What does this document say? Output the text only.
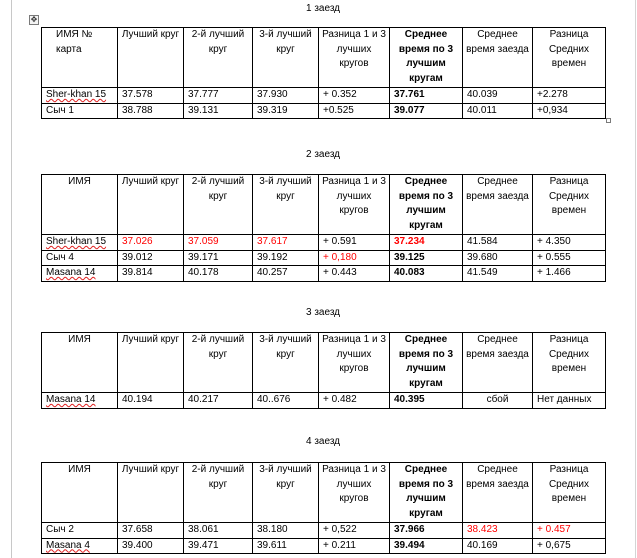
✥
1 заезд
ИМЯ № карта	Лучший круг	2-й лучший круг	3-й лучший круг	Разница 1 и 3 лучших кругов	Среднее время по 3 лучшим кругам	Среднее время заезда	Разница Средних времен
Sher-khan 15	37.578	37.777	37.930	+ 0.352	37.761	40.039	+2.278
Сыч 1	38.788	39.131	39.319	+0.525	39.077	40.011	+0,934
2 заезд
ИМЯ	Лучший круг	2-й лучший круг	3-й лучший круг	Разница 1 и 3 лучших кругов	Среднее время по 3 лучшим кругам	Среднее время заезда	Разница Средних времен
Sher-khan 15	37.026	37.059	37.617	+ 0.591	37.234	41.584	+ 4.350
Сыч 4	39.012	39.171	39.192	+ 0,180	39.125	39.680	+ 0.555
Masana 14	39.814	40.178	40.257	+ 0.443	40.083	41.549	+ 1.466
3 заезд
ИМЯ	Лучший круг	2-й лучший круг	3-й лучший круг	Разница 1 и 3 лучших кругов	Среднее время по 3 лучшим кругам	Среднее время заезда	Разница Средних времен
Masana 14	40.194	40.217	40..676	+ 0.482	40.395	сбой	Нет данных
4 заезд
ИМЯ	Лучший круг	2-й лучший круг	3-й лучший круг	Разница 1 и 3 лучших кругов	Среднее время по 3 лучшим кругам	Среднее время заезда	Разница Средних времен
Сыч 2	37.658	38.061	38.180	+ 0,522	37.966	38.423	+ 0.457
Masana 4	39.400	39.471	39.611	+ 0.211	39.494	40.169	+ 0,675
